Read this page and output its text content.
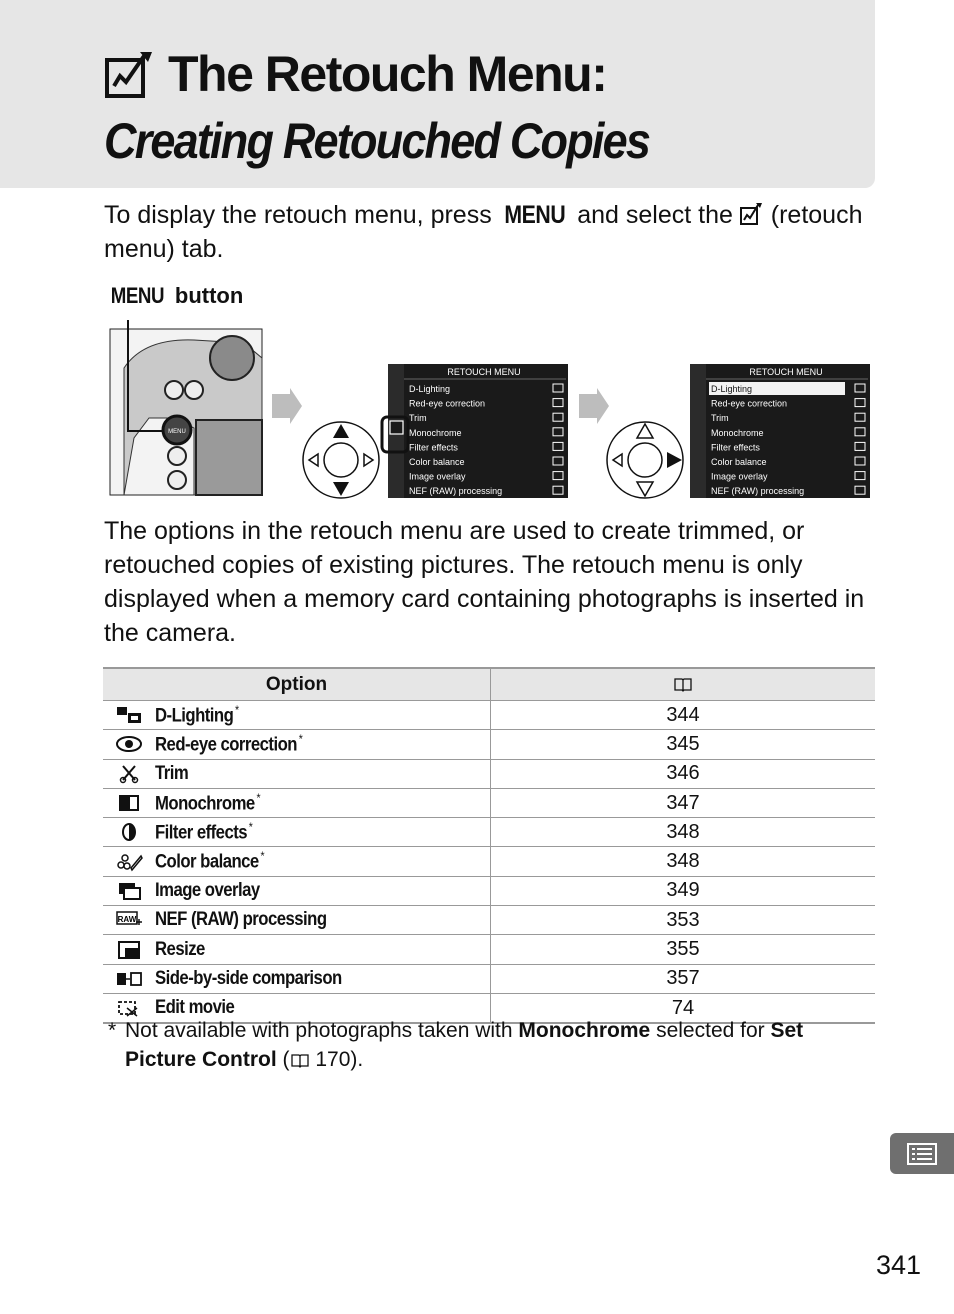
The Retouch Menu:
Creating Retouched Copies
To display the retouch menu, press MENU and select the  (retouch menu) tab.
MENU button
MENU
RETOUCH MENU
D-Lighting
Red-eye correction
Trim
Monochrome
Filter effects
Color balance
Image overlay
NEF (RAW) processing
RETOUCH MENU
D-Lighting
Red-eye correction
Trim
Monochrome
Filter effects
Color balance
Image overlay
NEF (RAW) processing
The options in the retouch menu are used to create trimmed, or retouched copies of existing pictures. The retouch menu is only displayed when a memory card containing photographs is inserted in the camera.
Option	

D-Lighting *	344

Red-eye correction *	345

Trim	346

Monochrome *	347

Filter effects *	348

Color balance *	348

Image overlay	349

RAW NEF (RAW) processing	353

Resize	355

Side-by-side comparison	357

Edit movie	74
* Not available with photographs taken with Monochrome selected for Set Picture Control ( 170).
341
